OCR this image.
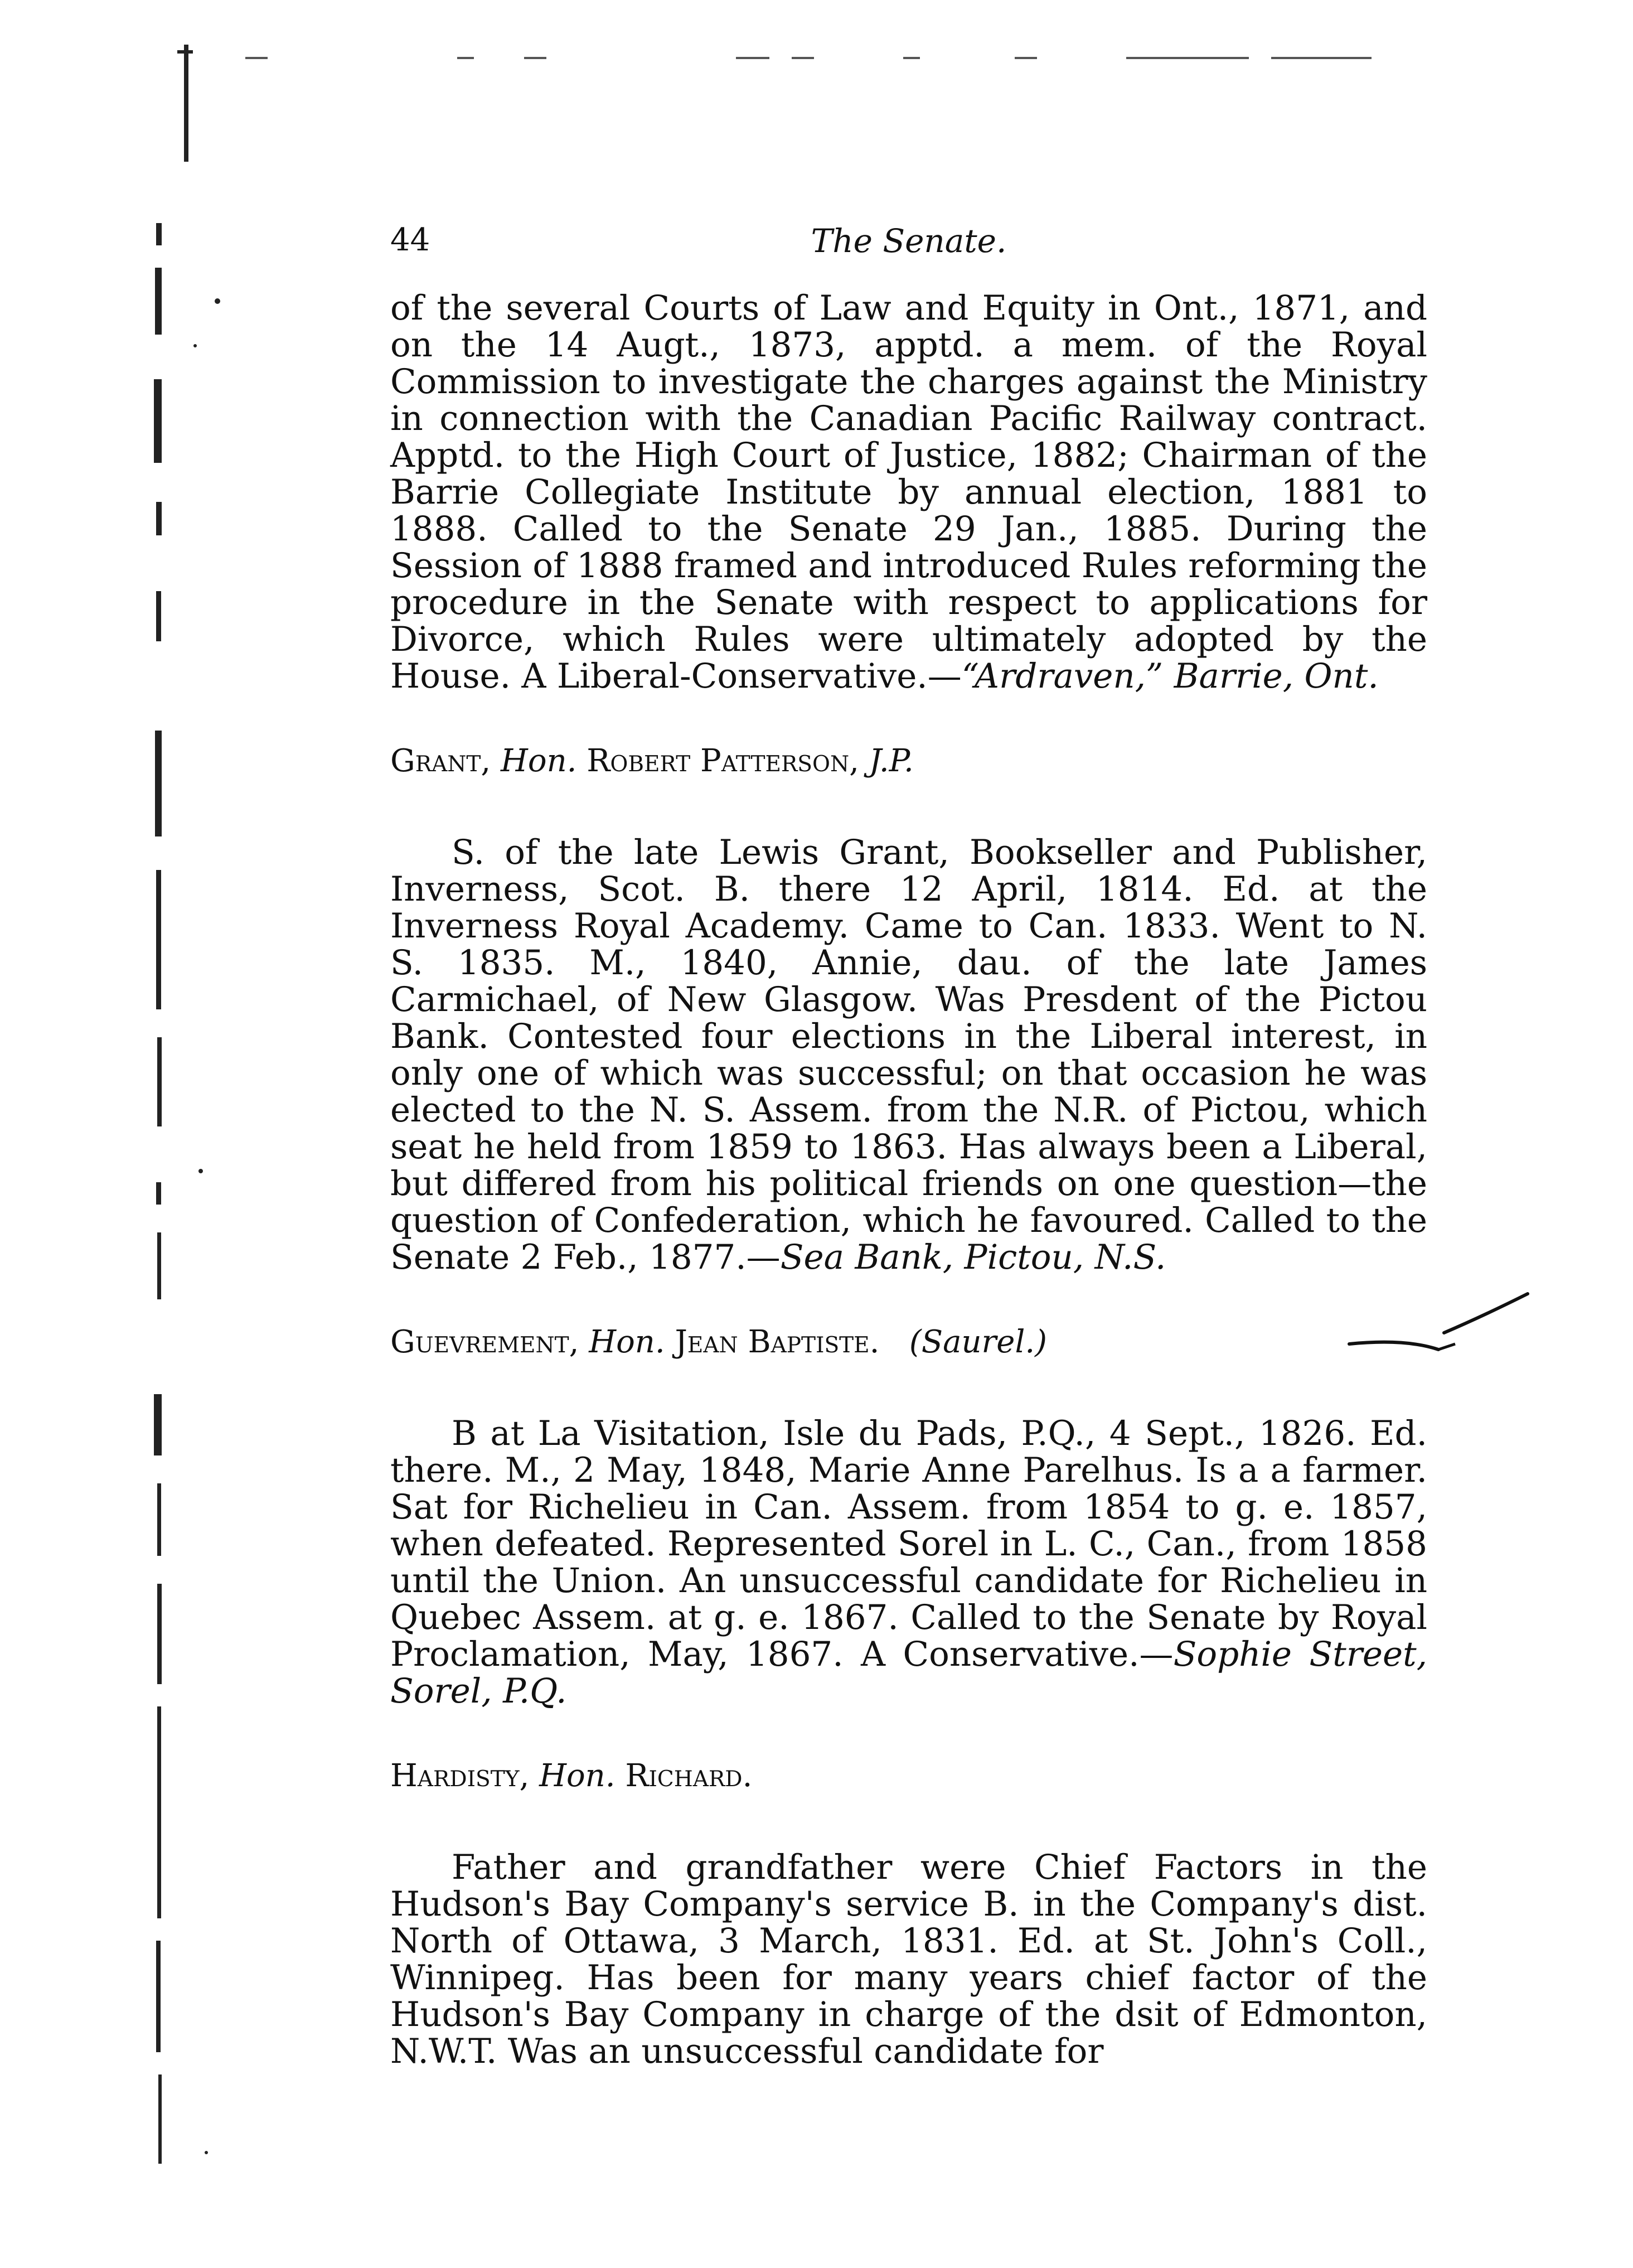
44	The Senate.

of the several Courts of Law and Equity in Ont., 1871, and on the 14 Augt., 1873, apptd. a mem. of the Royal Commission to investigate the charges against the Ministry in connection with the Canadian Pacific Railway contract. Apptd. to the High Court of Justice, 1882; Chairman of the Barrie Collegiate Institute by annual election, 1881 to 1888. Called to the Senate 29 Jan., 1885. During the Session of 1888 framed and introduced Rules reforming the procedure in the Senate with respect to applications for Divorce, which Rules were ultimately adopted by the House. A Liberal-Conservative.—“Ardraven,” Barrie, Ont.

Grant, Hon. Robert Patterson, J.P.

S. of the late Lewis Grant, Bookseller and Publisher, Inverness, Scot. B. there 12 April, 1814. Ed. at the Inverness Royal Academy. Came to Can. 1833. Went to N. S. 1835. M., 1840, Annie, dau. of the late James Carmichael, of New Glasgow. Was Presdent of the Pictou Bank. Contested four elections in the Liberal interest, in only one of which was successful; on that occasion he was elected to the N. S. Assem. from the N.R. of Pictou, which seat he held from 1859 to 1863. Has always been a Liberal, but differed from his political friends on one question—the question of Confederation, which he favoured. Called to the Senate 2 Feb., 1877.—Sea Bank, Pictou, N.S.

Guevrement, Hon. Jean Baptiste. (Saurel.)

B at La Visitation, Isle du Pads, P.Q., 4 Sept., 1826. Ed. there. M., 2 May, 1848, Marie Anne Parelhus. Is a a farmer. Sat for Richelieu in Can. Assem. from 1854 to g. e. 1857, when defeated. Represented Sorel in L. C., Can., from 1858 until the Union. An unsuccessful candidate for Richelieu in Quebec Assem. at g. e. 1867. Called to the Senate by Royal Proclamation, May, 1867. A Conservative.—Sophie Street, Sorel, P.Q.

Hardisty, Hon. Richard.

Father and grandfather were Chief Factors in the Hudson's Bay Company's service B. in the Company's dist. North of Ottawa, 3 March, 1831. Ed. at St. John's Coll., Winnipeg. Has been for many years chief factor of the Hudson's Bay Company in charge of the dsit of Edmonton, N.W.T. Was an unsuccessful candidate for
